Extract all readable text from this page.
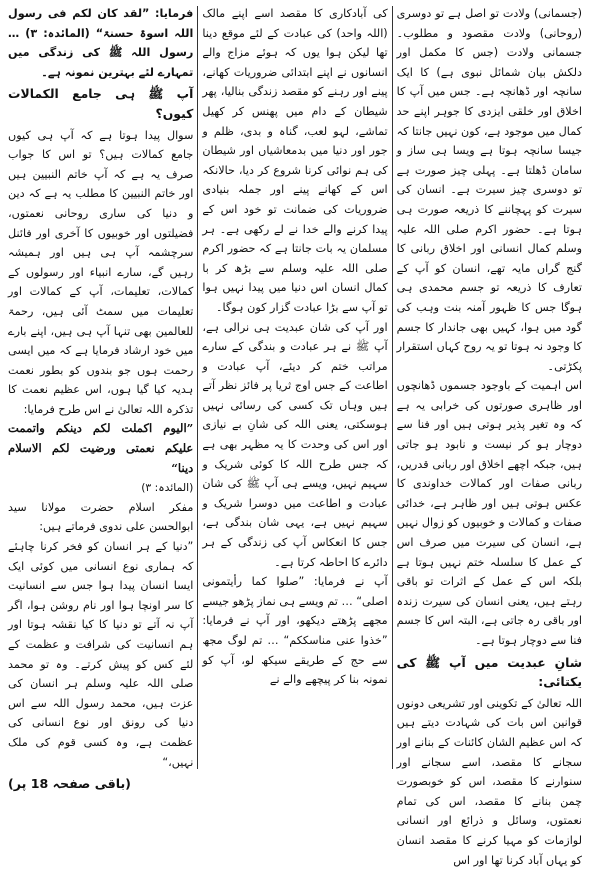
(جسمانی) ولادت تو اصل ہے تو دوسری (روحانی) ولادت مقصود و مطلوب۔ جسمانی ولادت (جس کا مکمل اور دلکش بیان شمائل نبوی ہے) کا ایک سانچہ اور ڈھانچہ ہے۔ جس میں آپ کا اخلاق اور خلقی ایزدی کا جوہر اپنے حد کمال میں موجود ہے، کون نہیں جانتا کہ جیسا سانچہ ہوتا ہے ویسا ہی ساز و سامان ڈھلتا ہے۔ پہلی چیز صورت ہے تو دوسری چیز سیرت ہے۔ انسان کی سیرت کو پہچاننے کا ذریعہ صورت ہی ہوتا ہے۔ حضور اکرم صلی اللہ علیہ وسلم کمال انسانی اور اخلاق ربانی کا گنج گراں مایہ تھے، انسان کو آپ کے تعارف کا ذریعہ تو جسم محمدی ہی ہوگا جس کا ظہور آمنہ بنت وہب کی گود میں ہوا، کہیں بھی جاندار کا جسم کا وجود نہ ہوتا تو یہ روح کہاں استقرار پکڑتی۔

اس اہمیت کے باوجود جسموں ڈھانچوں اور ظاہری صورتوں کی خرابی یہ ہے کہ وہ تغیر پذیر ہوتی ہیں اور فنا سے دوچار ہو کر نیست و نابود ہو جاتی ہیں، جبکہ اچھے اخلاق اور ربانی قدریں، ربانی صفات اور کمالات خداوندی کا عکس ہوتی ہیں اور ظاہر ہے، خدائی صفات و کمالات و خوبیوں کو زوال نہیں ہے، انسان کی سیرت میں صرف اس کے عمل کا سلسلہ ختم نہیں ہوتا ہے بلکہ اس کے عمل کے اثرات تو باقی رہتے ہیں، یعنی انسان کی سیرت زندہ اور باقی رہ جاتی ہے، البتہ اس کا جسم فنا سے دوچار ہوتا ہے۔

شانِ عبدیت میں آپ ﷺ کی یکتائی:

اللہ تعالیٰ کے تکوینی اور تشریعی دونوں قوانین اس بات کی شہادت دیتے ہیں کہ اس عظیم الشان کائنات کے بنانے اور سجانے کا مقصد، اسے سجانے اور سنوارنے کا مقصد، اس کو خوبصورت چمن بنانے کا مقصد، اس کی تمام نعمتوں، وسائل و ذرائع اور انسانی لوازمات کو مہیا کرنے کا مقصد انسان کو یہاں آباد کرنا تھا اور اس

کی آبادکاری کا مقصد اسے اپنے مالک (اللہ واحد) کی عبادت کے لئے موقع دینا تھا لیکن ہوا یوں کہ ہوئے مزاج والے انسانوں نے اپنے ابتدائی ضروریات کھانے، پینے اور رہنے کو مقصد زندگی بنالیا، پھر شیطان کے دام میں پھنس کر کھیل تماشے، لہو لعب، گناہ و بدی، ظلم و جور اور دنیا میں بدمعاشیاں اور شیطان کی ہم نوائی کرنا شروع کر دیا، حالانکہ اس کے کھانے پینے اور جملہ بنیادی ضروریات کی ضمانت تو خود اس کے پیدا کرنے والے خدا نے لے رکھی ہے۔ ہر مسلمان یہ بات جانتا ہے کہ حضور اکرم صلی اللہ علیہ وسلم سے بڑھ کر با کمال انسان اس دنیا میں پیدا نہیں ہوا تو آپ سے بڑا عبادت گزار کون ہوگا۔

اور آپ کی شان عبدیت ہی نرالی ہے، آپ ﷺ نے ہر عبادت و بندگی کے سارے مراتب ختم کر دیئے، آپ عبادت و اطاعت کے جس اوج ثریا پر فائز نظر آتے ہیں وہاں تک کسی کی رسائی نہیں ہوسکتی، یعنی اللہ کی شانِ بے نیازی اور اس کی وحدت کا یہ مظہر بھی ہے کہ جس طرح اللہ کا کوئی شریک و سہیم نہیں، ویسے ہی آپ ﷺ کی شان عبادت و اطاعت میں دوسرا شریک و سہیم نہیں ہے، یہی شان بندگی ہے، جس کا انعکاس آپ کی زندگی کے ہر دائرے کا احاطہ کرتا ہے۔

آپ نے فرمایا: ”صلوا کما رأیتمونی اصلی“ … تم ویسے ہی نماز پڑھو جیسے مجھے پڑھتے دیکھو، اور آپ نے فرمایا: ”خذوا عنی مناسککم“ … تم لوگ مجھ سے حج کے طریقے سیکھ لو، آپ کو نمونہ بنا کر پیچھے والے نے

فرمایا: ”لقد کان لکم فی رسول اللہ اسوۃ حسنۃ“ (المائدہ: ۳) … رسول اللہ ﷺ کی زندگی میں تمہارے لئے بہترین نمونہ ہے۔

آپ ﷺ ہی جامع الکمالات کیوں؟

سوال پیدا ہوتا ہے کہ آپ ہی کیوں جامع کمالات ہیں؟ تو اس کا جواب صرف یہ ہے کہ آپ خاتم النبیین ہیں اور خاتم النبیین کا مطلب یہ ہے کہ دین و دنیا کی ساری روحانی نعمتوں، فضیلتوں اور خوبیوں کا آخری اور فائنل سرچشمہ آپ ہی ہیں اور ہمیشہ رہیں گے، سارے انبیاء اور رسولوں کے کمالات، تعلیمات، آپ کے کمالات اور تعلیمات میں سمٹ آئی ہیں، رحمۃ للعالمین بھی تنہا آپ ہی ہیں، اپنے بارے میں خود ارشاد فرمایا ہے کہ میں ایسی رحمت ہوں جو بندوں کو بطور نعمت ہدیہ کیا گیا ہوں، اس عظیم نعمت کا تذکرہ اللہ تعالیٰ نے اس طرح فرمایا:

”الیوم اکملت لکم دینکم واتممت علیکم نعمتی ورضیت لکم الاسلام دینا“

(المائدہ: ۳)

مفکر اسلام حضرت مولانا سید ابوالحسن علی ندوی فرماتے ہیں:

”دنیا کے ہر انسان کو فخر کرنا چاہئے کہ ہماری نوع انسانی میں کوئی ایک ایسا انسان پیدا ہوا جس سے انسانیت کا سر اونچا ہوا اور نام روشن ہوا، اگر آپ نہ آتے تو دنیا کا کیا نقشہ ہوتا اور ہم انسانیت کی شرافت و عظمت کے لئے کس کو پیش کرتے۔ وہ تو محمد صلی اللہ علیہ وسلم ہر انسان کی عزت ہیں، محمد رسول اللہ سے اس دنیا کی رونق اور نوع انسانی کی عظمت ہے، وہ کسی قوم کی ملک نہیں،“

(باقی صفحہ 18 پر)
